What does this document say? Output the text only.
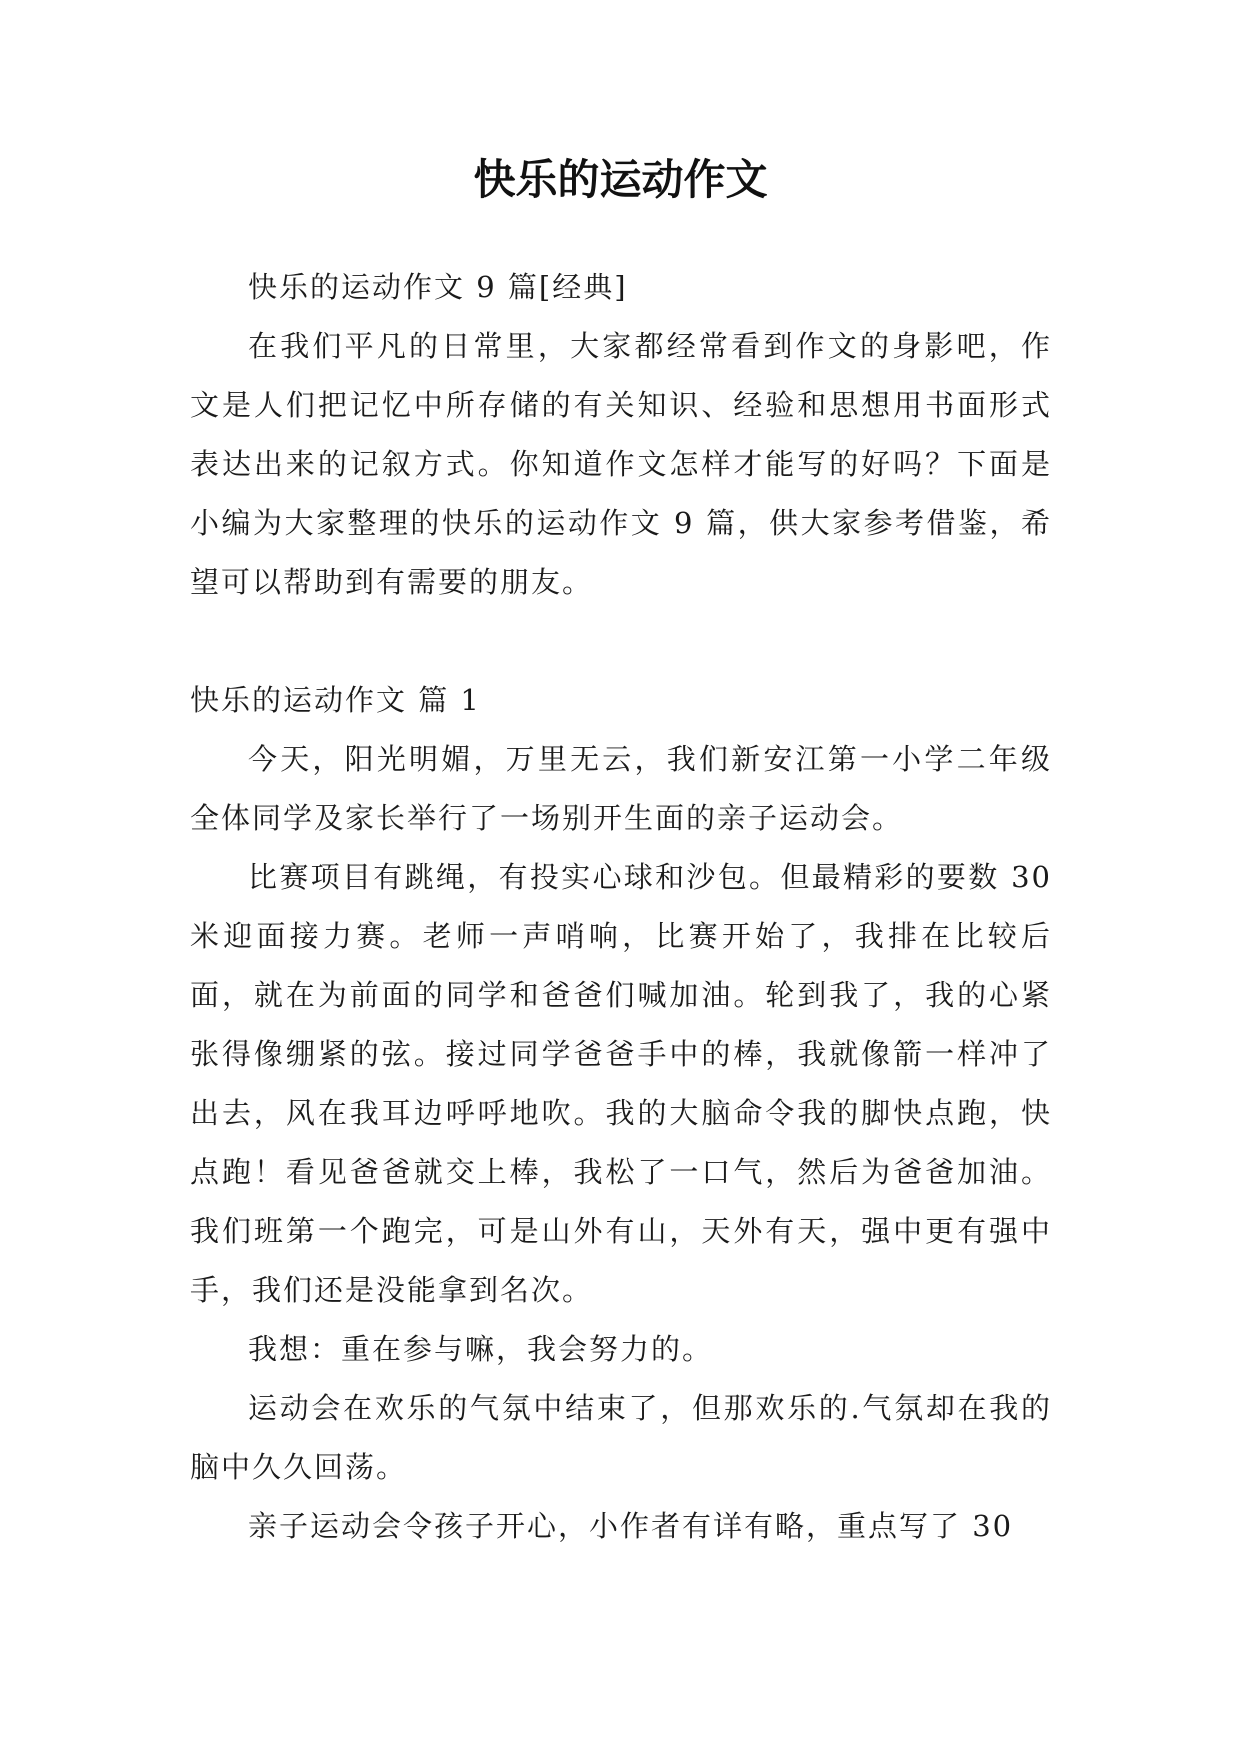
快乐的运动作文

快乐的运动作文 9 篇[经典]

在我们平凡的日常里，大家都经常看到作文的身影吧，作文是人们把记忆中所存储的有关知识、经验和思想用书面形式表达出来的记叙方式。你知道作文怎样才能写的好吗？下面是小编为大家整理的快乐的运动作文 9 篇，供大家参考借鉴，希望可以帮助到有需要的朋友。

快乐的运动作文 篇 1

今天，阳光明媚，万里无云，我们新安江第一小学二年级全体同学及家长举行了一场别开生面的亲子运动会。

比赛项目有跳绳，有投实心球和沙包。但最精彩的要数 30 米迎面接力赛。老师一声哨响，比赛开始了，我排在比较后面，就在为前面的同学和爸爸们喊加油。轮到我了，我的心紧张得像绷紧的弦。接过同学爸爸手中的棒，我就像箭一样冲了出去，风在我耳边呼呼地吹。我的大脑命令我的脚快点跑，快点跑！看见爸爸就交上棒，我松了一口气，然后为爸爸加油。我们班第一个跑完，可是山外有山，天外有天，强中更有强中手，我们还是没能拿到名次。

我想：重在参与嘛，我会努力的。

运动会在欢乐的气氛中结束了，但那欢乐的.气氛却在我的脑中久久回荡。

亲子运动会令孩子开心，小作者有详有略，重点写了 30
